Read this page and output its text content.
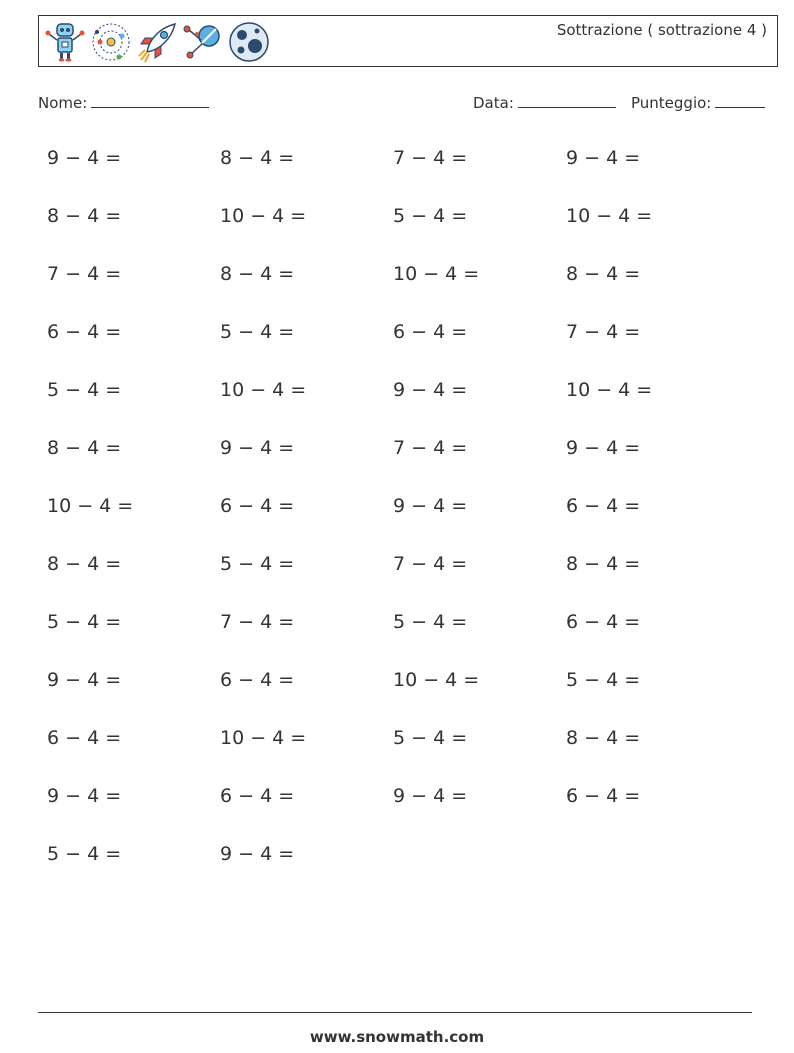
Sottrazione ( sottrazione 4 )
Nome:	Data:	Punteggio:
9 − 4 =	8 − 4 =	7 − 4 =	9 − 4 =
8 − 4 =	10 − 4 =	5 − 4 =	10 − 4 =
7 − 4 =	8 − 4 =	10 − 4 =	8 − 4 =
6 − 4 =	5 − 4 =	6 − 4 =	7 − 4 =
5 − 4 =	10 − 4 =	9 − 4 =	10 − 4 =
8 − 4 =	9 − 4 =	7 − 4 =	9 − 4 =
10 − 4 =	6 − 4 =	9 − 4 =	6 − 4 =
8 − 4 =	5 − 4 =	7 − 4 =	8 − 4 =
5 − 4 =	7 − 4 =	5 − 4 =	6 − 4 =
9 − 4 =	6 − 4 =	10 − 4 =	5 − 4 =
6 − 4 =	10 − 4 =	5 − 4 =	8 − 4 =
9 − 4 =	6 − 4 =	9 − 4 =	6 − 4 =
5 − 4 =	9 − 4 =
www.snowmath.com
